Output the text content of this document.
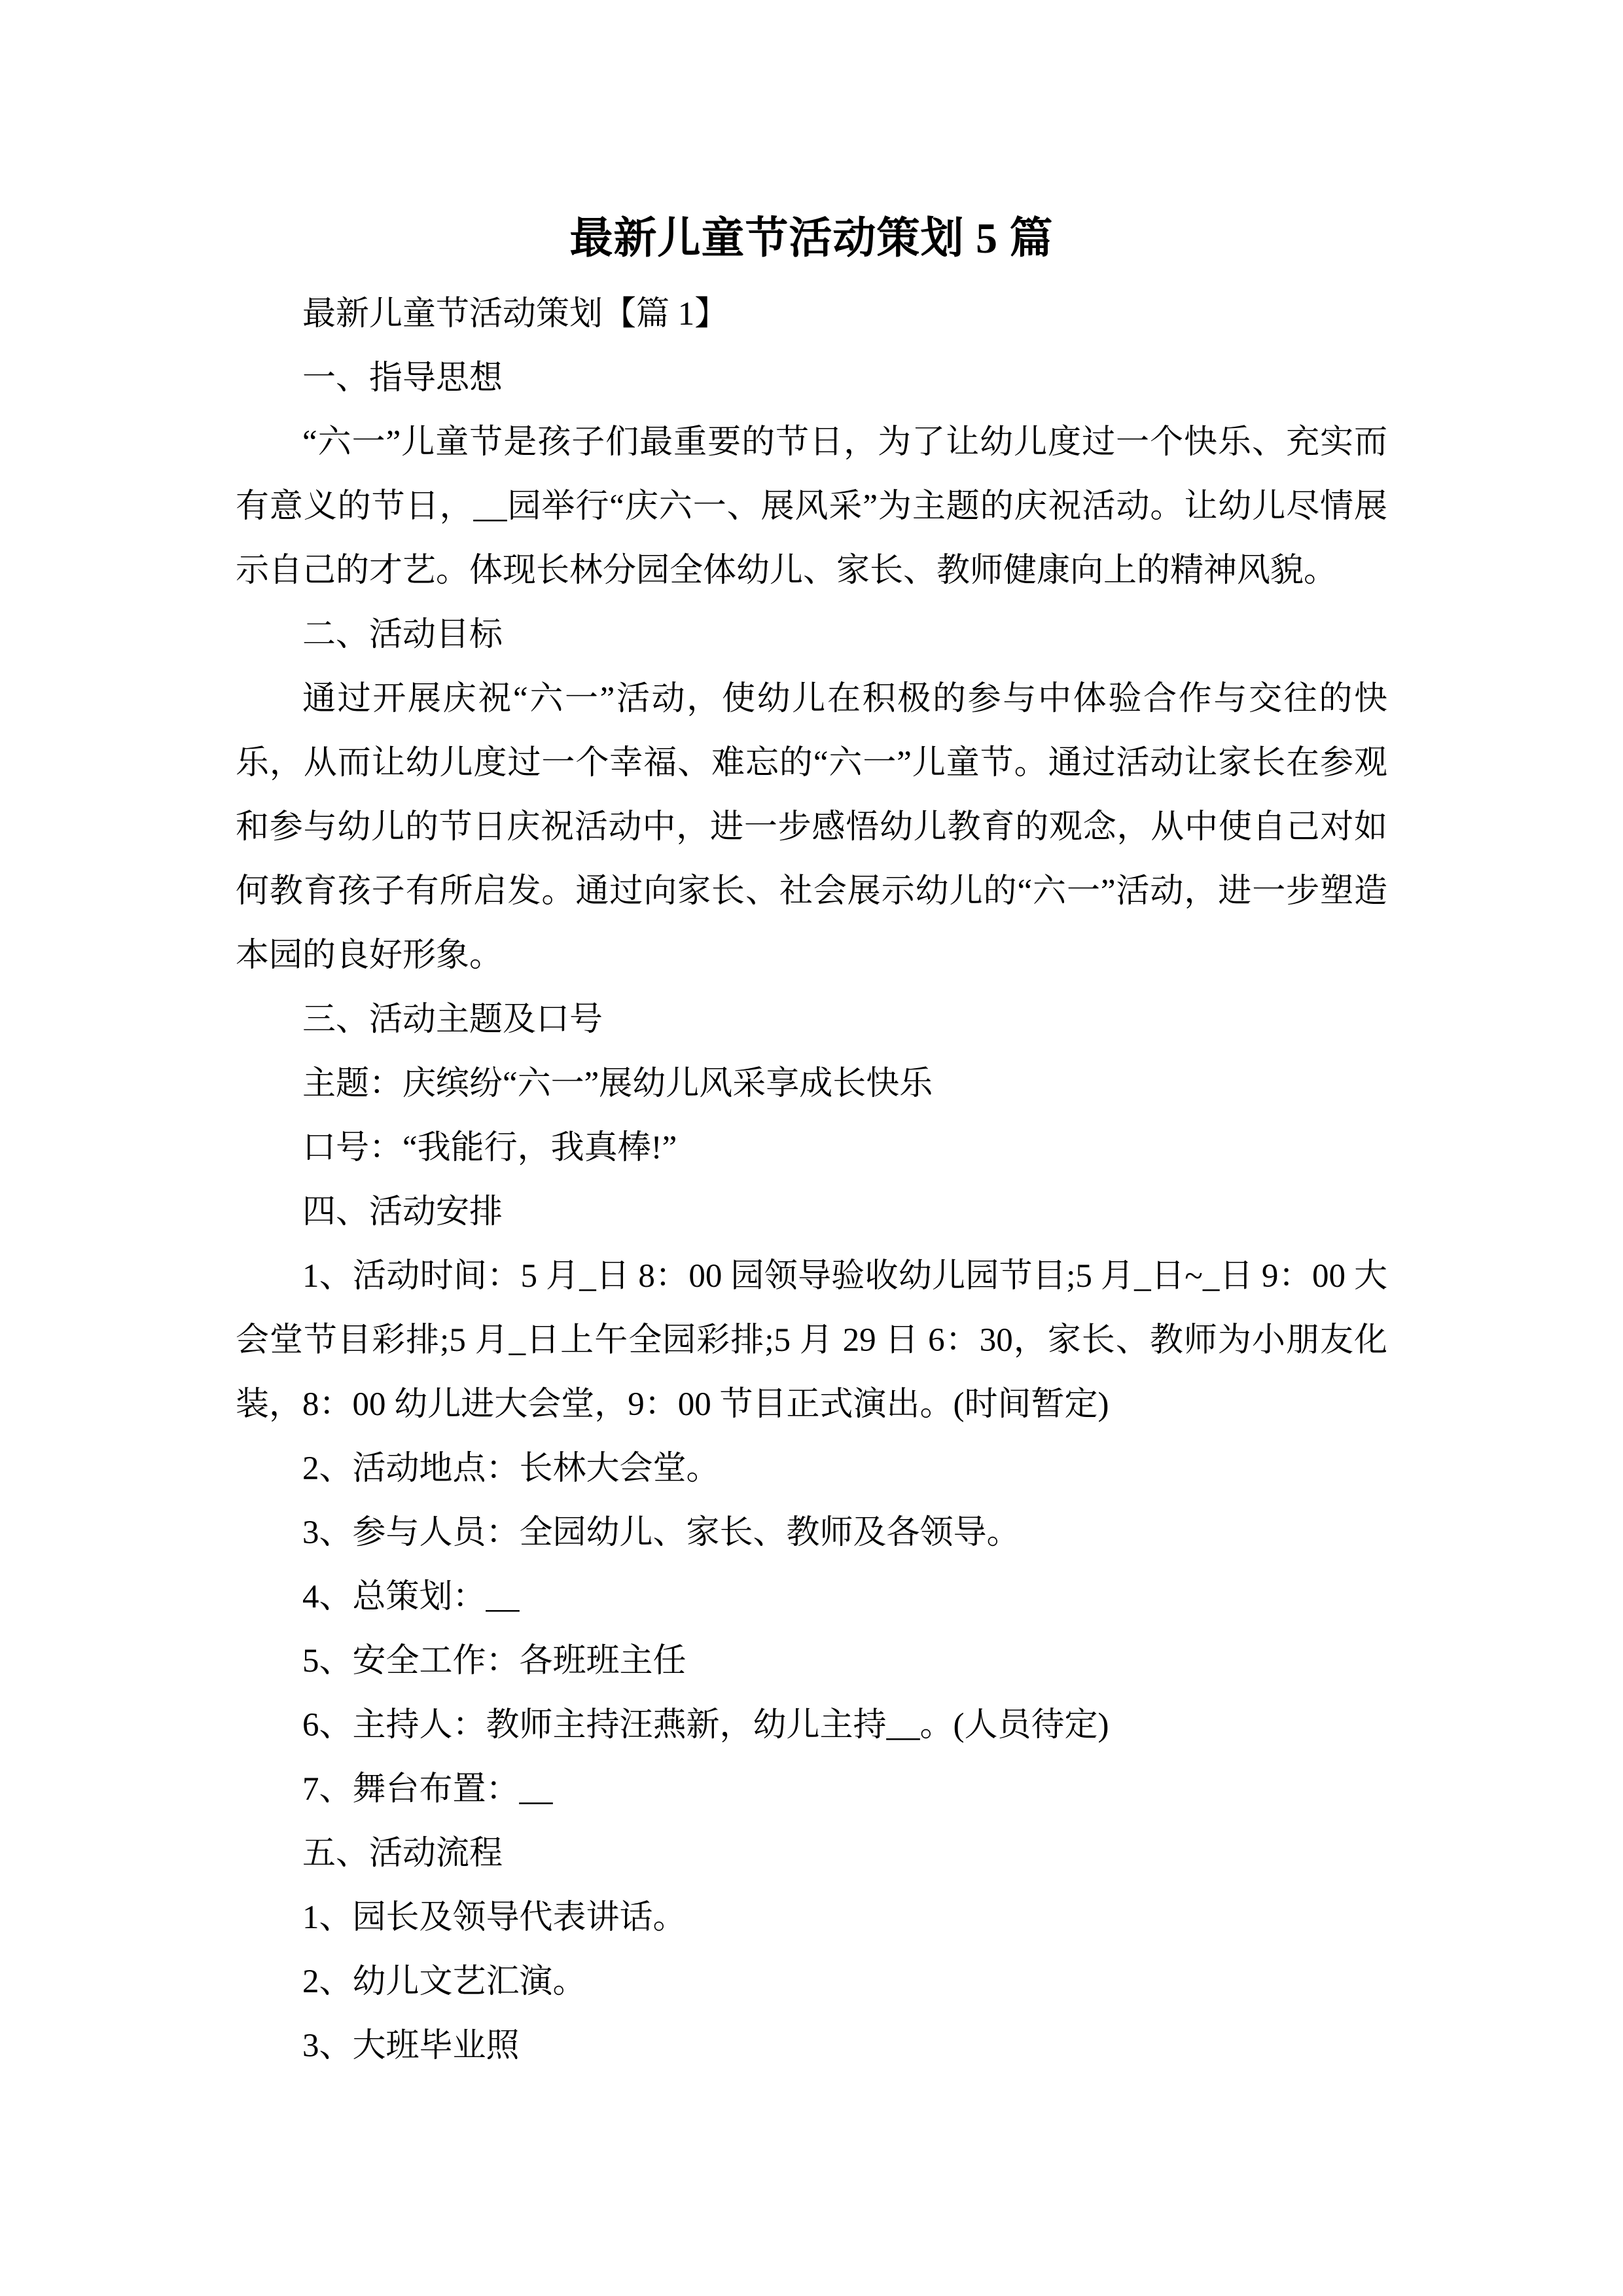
最新儿童节活动策划 5 篇

最新儿童节活动策划【篇 1】

一、指导思想

“六一”儿童节是孩子们最重要的节日，为了让幼儿度过一个快乐、充实而有意义的节日，__园举行“庆六一、展风采”为主题的庆祝活动。让幼儿尽情展示自己的才艺。体现长林分园全体幼儿、家长、教师健康向上的精神风貌。

二、活动目标

通过开展庆祝“六一”活动，使幼儿在积极的参与中体验合作与交往的快乐，从而让幼儿度过一个幸福、难忘的“六一”儿童节。通过活动让家长在参观和参与幼儿的节日庆祝活动中，进一步感悟幼儿教育的观念，从中使自己对如何教育孩子有所启发。通过向家长、社会展示幼儿的“六一”活动，进一步塑造本园的良好形象。

三、活动主题及口号

主题：庆缤纷“六一”展幼儿风采享成长快乐

口号：“我能行，我真棒!”

四、活动安排

1、活动时间：5 月_日 8：00 园领导验收幼儿园节目;5 月_日~_日 9：00 大会堂节目彩排;5 月_日上午全园彩排;5 月 29 日 6：30，家长、教师为小朋友化装，8：00 幼儿进大会堂，9：00 节目正式演出。(时间暂定)

2、活动地点：长林大会堂。

3、参与人员：全园幼儿、家长、教师及各领导。

4、总策划：__

5、安全工作：各班班主任

6、主持人：教师主持汪燕新，幼儿主持__。(人员待定)

7、舞台布置：__

五、活动流程

1、园长及领导代表讲话。

2、幼儿文艺汇演。

3、大班毕业照
